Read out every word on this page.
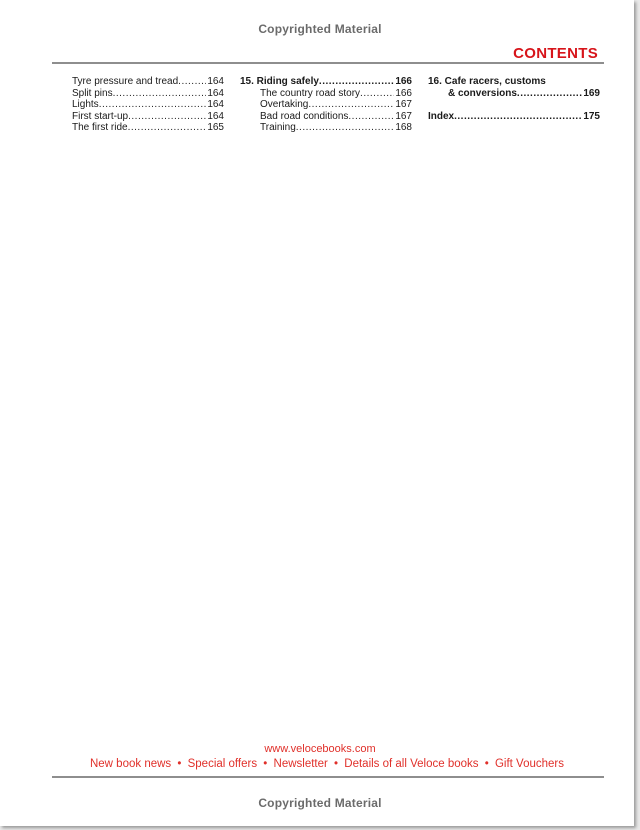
Copyrighted Material
CONTENTS
Tyre pressure and tread .....	164
Split pins .....	164
Lights .....	164
First start-up .....	164
The first ride .....	165
15. Riding safely .....	166
The country road story .....	166
Overtaking .....	167
Bad road conditions .....	167
Training .....	168
16. Cafe racers, customs
& conversions .....	169
Index .....	175
www.velocebooks.com
New book news • Special offers • Newsletter • Details of all Veloce books • Gift Vouchers
Copyrighted Material
